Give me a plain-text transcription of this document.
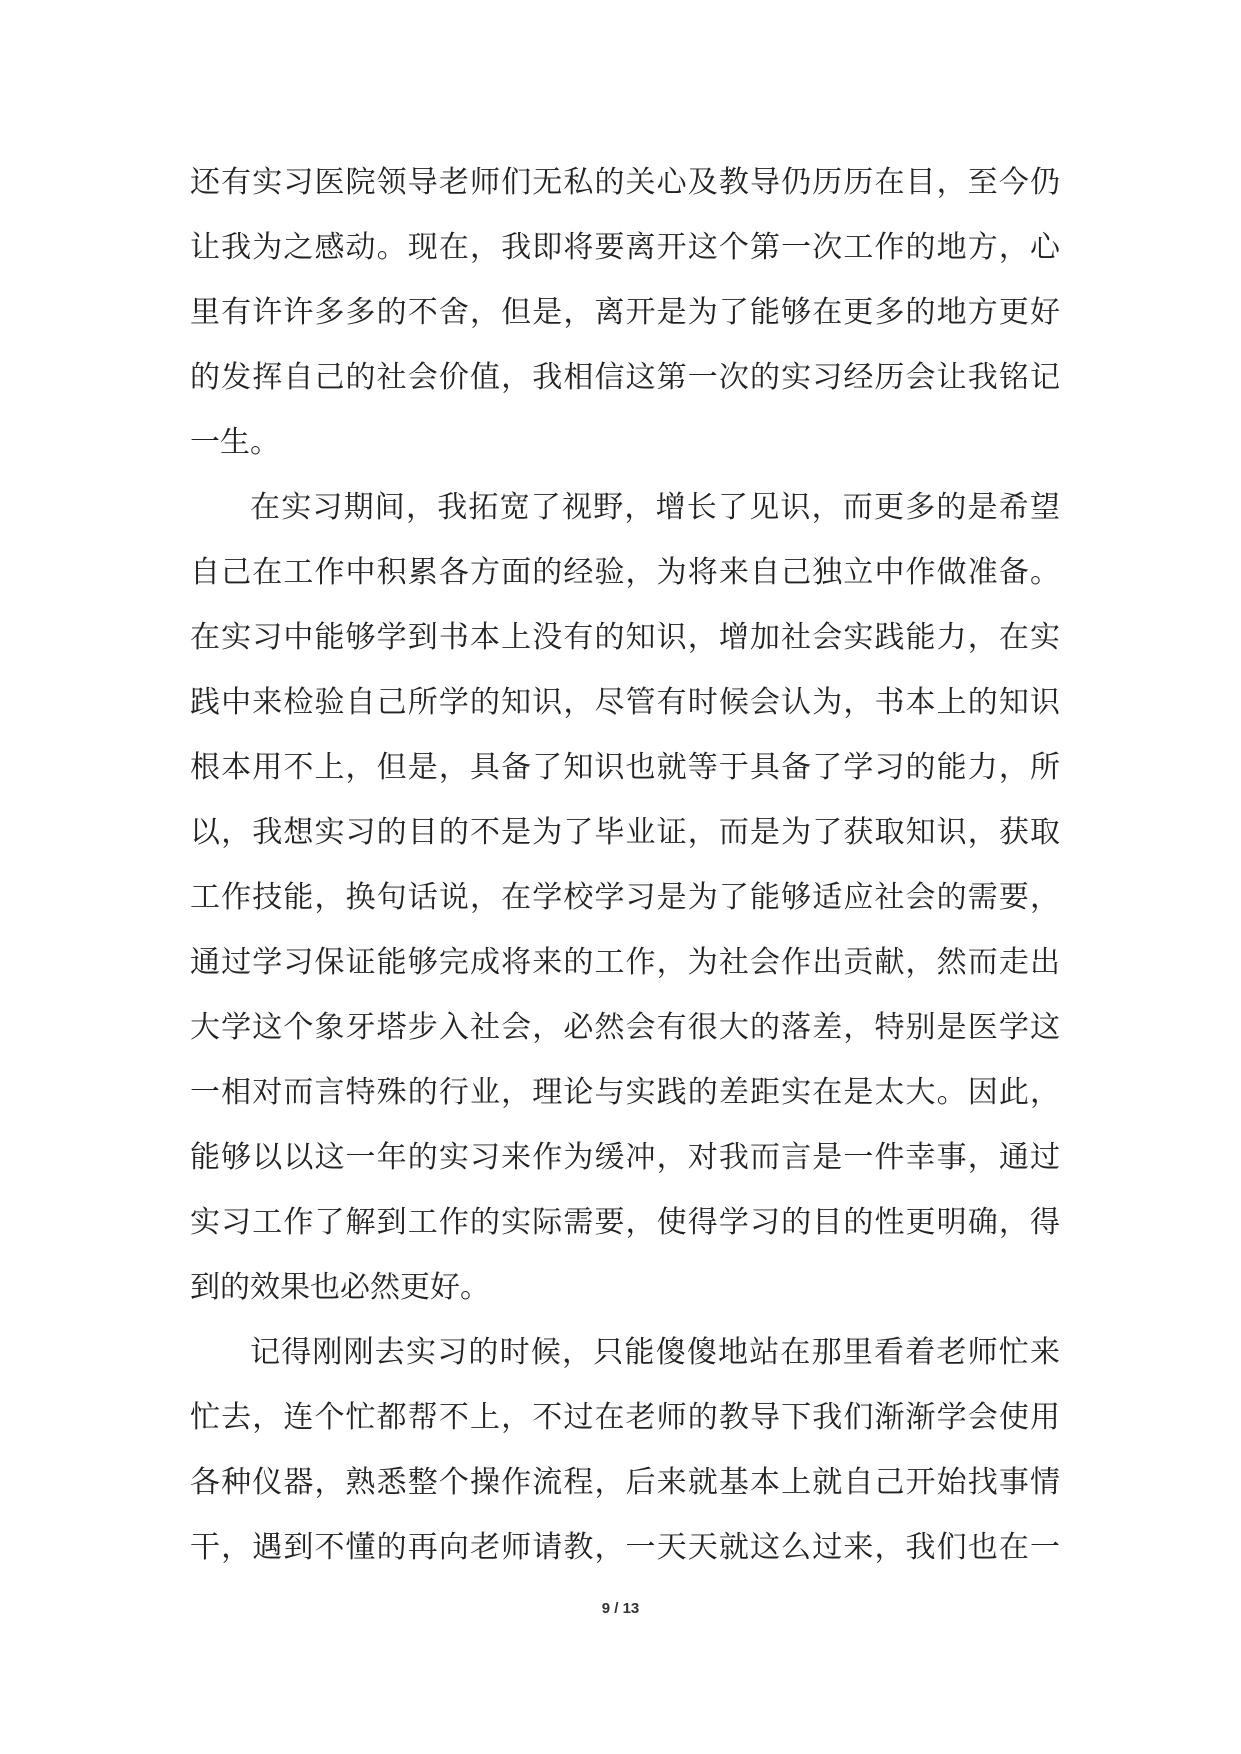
还有实习医院领导老师们无私的关心及教导仍历历在目，至今仍
让我为之感动。现在，我即将要离开这个第一次工作的地方，心
里有许许多多的不舍，但是，离开是为了能够在更多的地方更好
的发挥自己的社会价值，我相信这第一次的实习经历会让我铭记
一生。
在实习期间，我拓宽了视野，增长了见识，而更多的是希望
自己在工作中积累各方面的经验，为将来自己独立中作做准备。
在实习中能够学到书本上没有的知识，增加社会实践能力，在实
践中来检验自己所学的知识，尽管有时候会认为，书本上的知识
根本用不上，但是，具备了知识也就等于具备了学习的能力，所
以，我想实习的目的不是为了毕业证，而是为了获取知识，获取
工作技能，换句话说，在学校学习是为了能够适应社会的需要，
通过学习保证能够完成将来的工作，为社会作出贡献，然而走出
大学这个象牙塔步入社会，必然会有很大的落差，特别是医学这
一相对而言特殊的行业，理论与实践的差距实在是太大。因此，
能够以以这一年的实习来作为缓冲，对我而言是一件幸事，通过
实习工作了解到工作的实际需要，使得学习的目的性更明确，得
到的效果也必然更好。
记得刚刚去实习的时候，只能傻傻地站在那里看着老师忙来
忙去，连个忙都帮不上，不过在老师的教导下我们渐渐学会使用
各种仪器，熟悉整个操作流程，后来就基本上就自己开始找事情
干，遇到不懂的再向老师请教，一天天就这么过来，我们也在一
9 / 13
